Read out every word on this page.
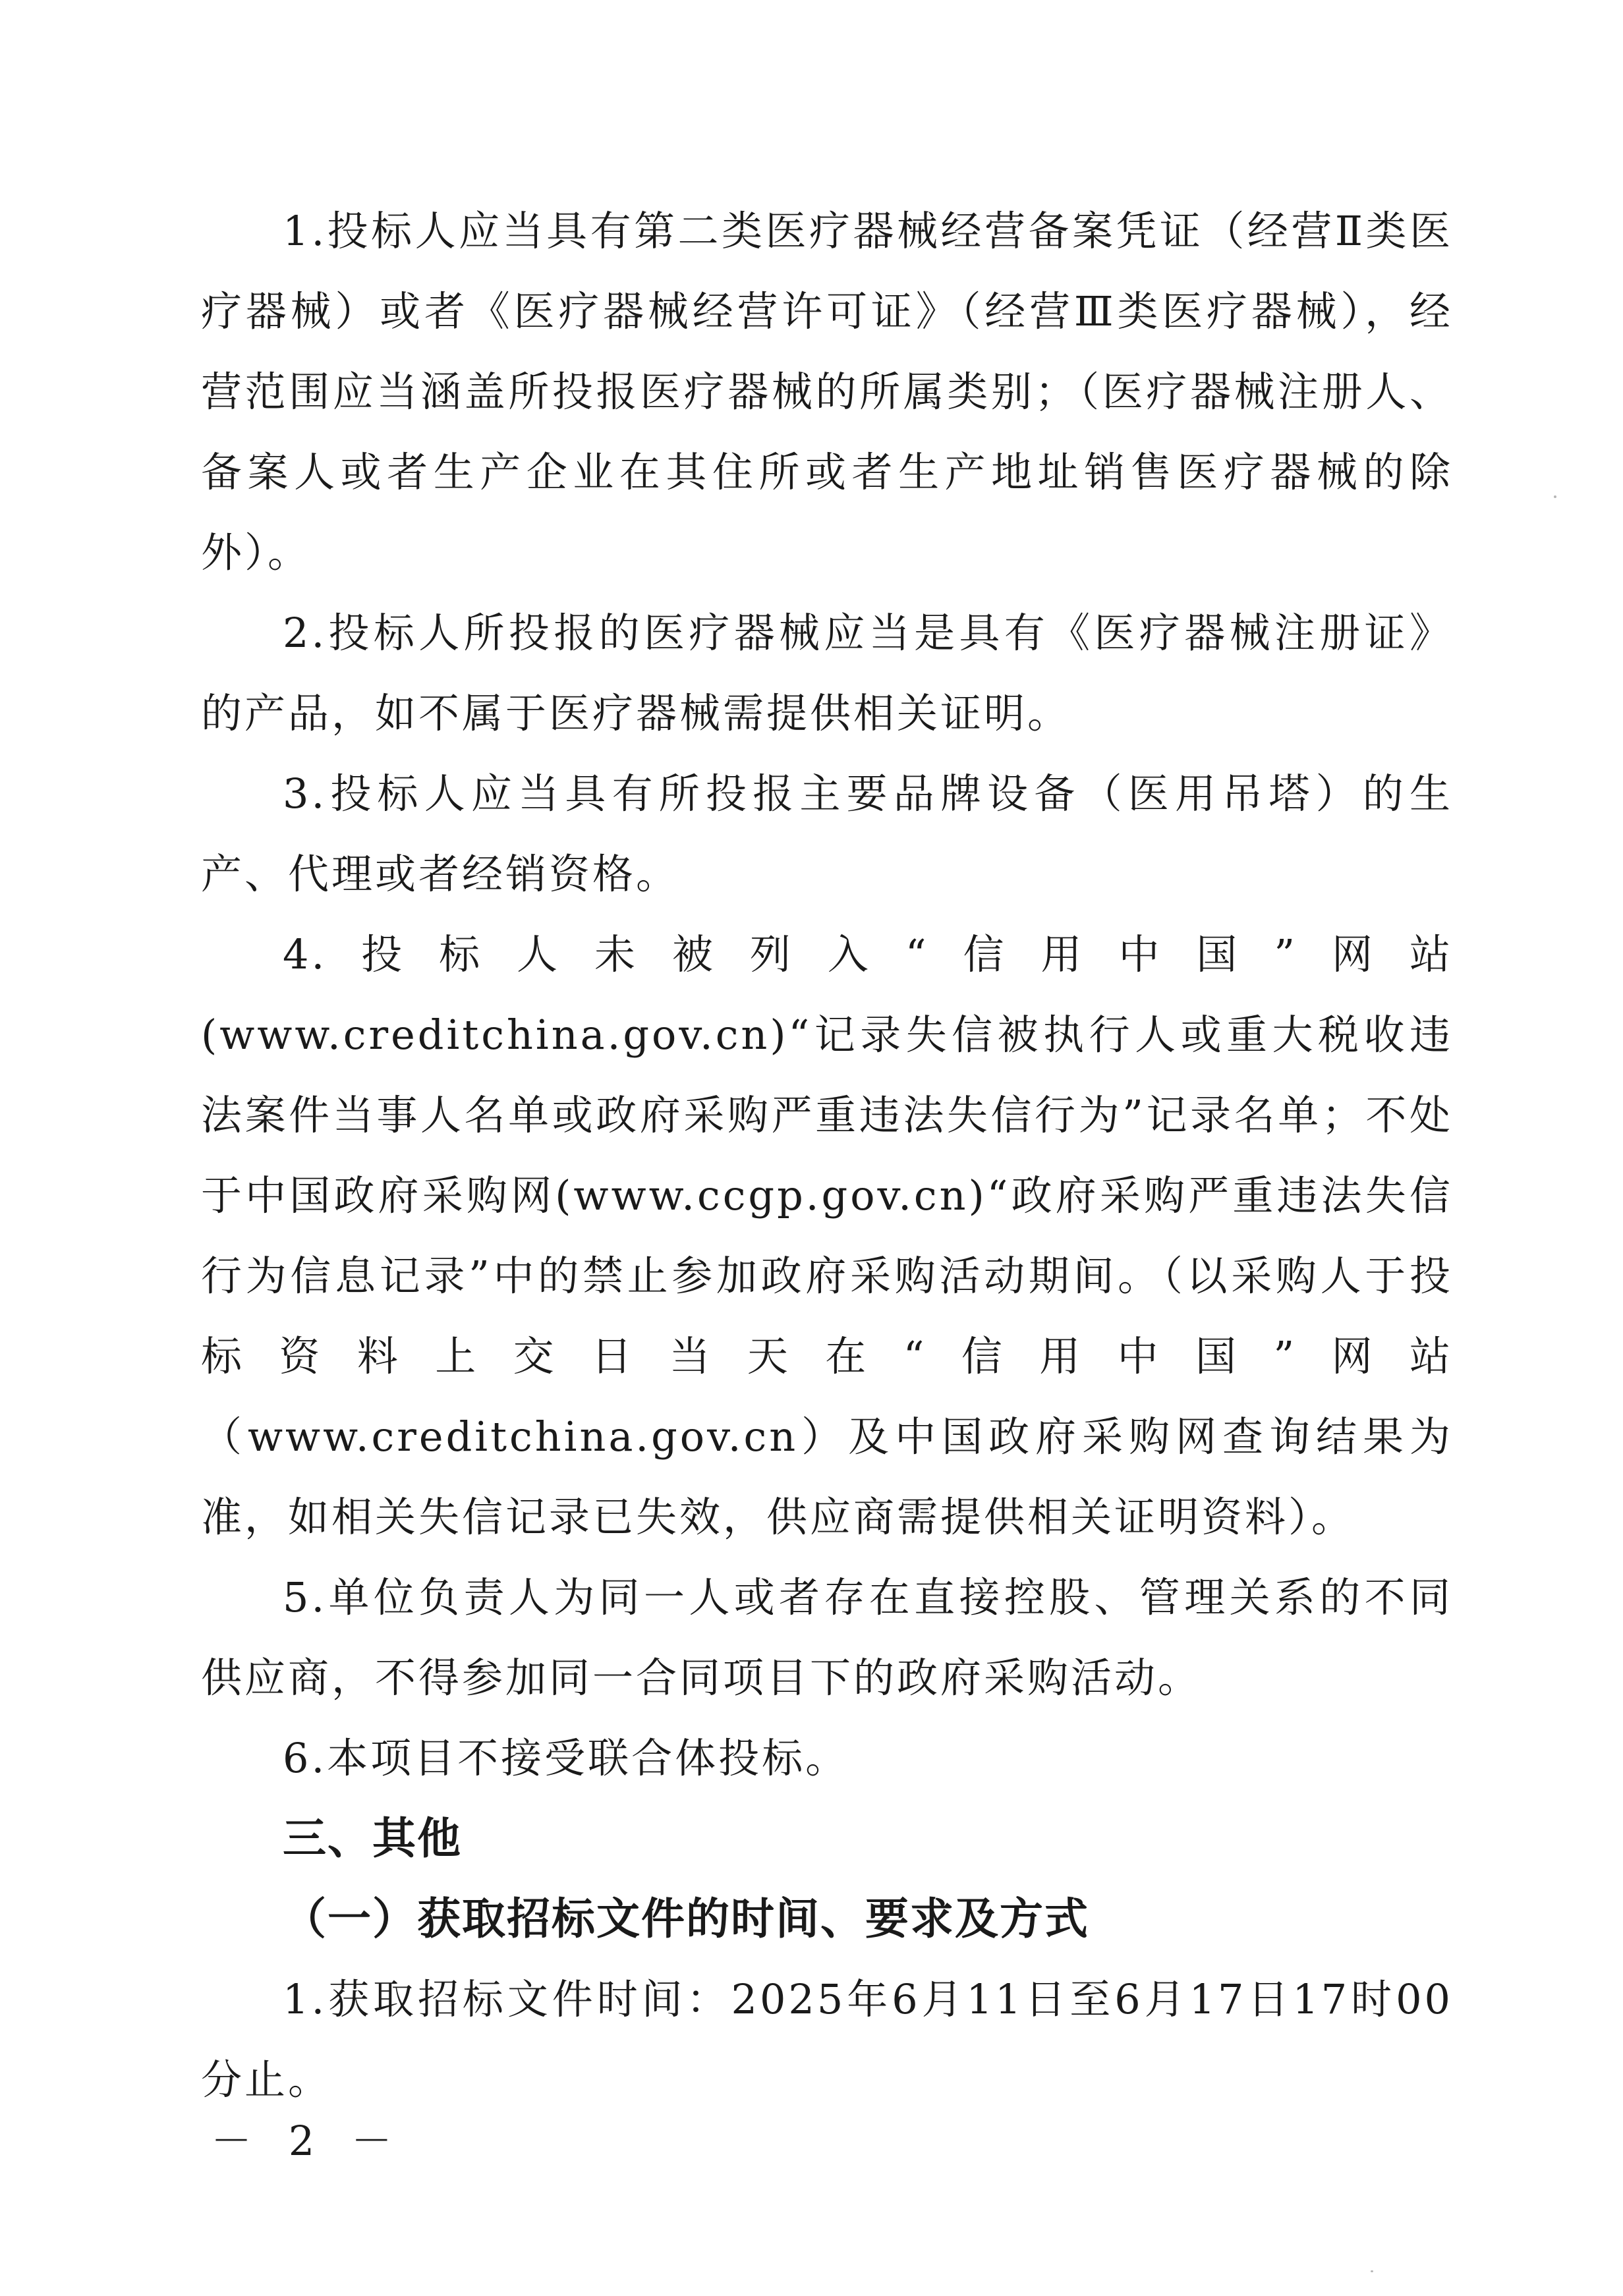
1.投标人应当具有第二类医疗器械经营备案凭证（经营Ⅱ类医疗器械）或者《医疗器械经营许可证》（经营Ⅲ类医疗器械），经营范围应当涵盖所投报医疗器械的所属类别；（医疗器械注册人、备案人或者生产企业在其住所或者生产地址销售医疗器械的除外）。

2.投标人所投报的医疗器械应当是具有《医疗器械注册证》的产品，如不属于医疗器械需提供相关证明。

3.投标人应当具有所投报主要品牌设备（医用吊塔）的生产、代理或者经销资格。

4.投标人未被列入“信用中国”网站(www.creditchina.gov.cn)“记录失信被执行人或重大税收违法案件当事人名单或政府采购严重违法失信行为”记录名单；不处于中国政府采购网(www.ccgp.gov.cn)“政府采购严重违法失信行为信息记录”中的禁止参加政府采购活动期间。（以采购人于投标资料上交日当天在“信用中国”网站（www.creditchina.gov.cn）及中国政府采购网查询结果为准，如相关失信记录已失效，供应商需提供相关证明资料）。

5.单位负责人为同一人或者存在直接控股、管理关系的不同供应商，不得参加同一合同项目下的政府采购活动。

6.本项目不接受联合体投标。

三、其他

（一）获取招标文件的时间、要求及方式

1.获取招标文件时间：2025年6月11日至6月17日17时00分止。

－ 2 －
